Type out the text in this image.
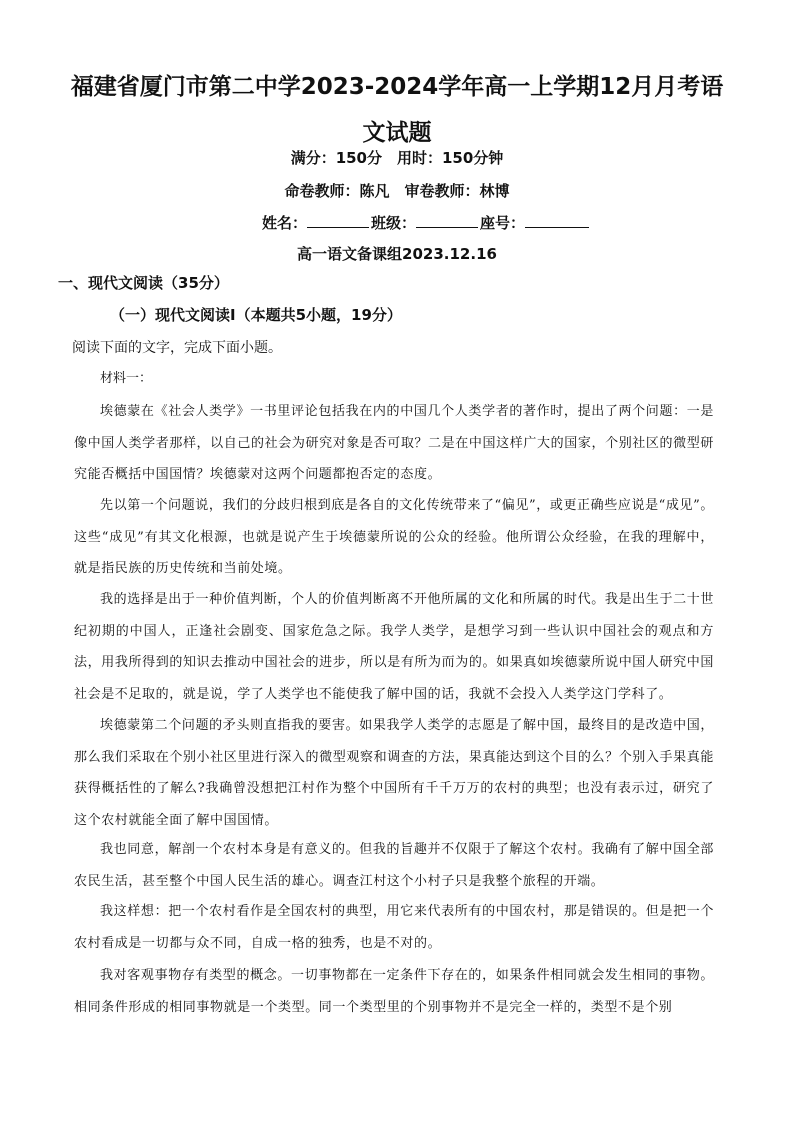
福建省厦门市第二中学2023-2024学年高一上学期12月月考语文试题
满分：150分　用时：150分钟
命卷教师：陈凡　审卷教师：林博
姓名：	班级：	座号：
高一语文备课组2023.12.16
一、现代文阅读（35分）
（一）现代文阅读Ⅰ（本题共5小题，19分）
阅读下面的文字，完成下面小题。
材料一：

埃德蒙在《社会人类学》一书里评论包括我在内的中国几个人类学者的著作时，提出了两个问题：一是像中国人类学者那样，以自己的社会为研究对象是否可取？二是在中国这样广大的国家，个别社区的微型研究能否概括中国国情？埃德蒙对这两个问题都抱否定的态度。

先以第一个问题说，我们的分歧归根到底是各自的文化传统带来了“偏见”，或更正确些应说是“成见”。这些“成见”有其文化根源，也就是说产生于埃德蒙所说的公众的经验。他所谓公众经验，在我的理解中，就是指民族的历史传统和当前处境。

我的选择是出于一种价值判断，个人的价值判断离不开他所属的文化和所属的时代。我是出生于二十世纪初期的中国人，正逢社会剧变、国家危急之际。我学人类学，是想学习到一些认识中国社会的观点和方法，用我所得到的知识去推动中国社会的进步，所以是有所为而为的。如果真如埃德蒙所说中国人研究中国社会是不足取的，就是说，学了人类学也不能使我了解中国的话，我就不会投入人类学这门学科了。

埃德蒙第二个问题的矛头则直指我的要害。如果我学人类学的志愿是了解中国，最终目的是改造中国，那么我们采取在个别小社区里进行深入的微型观察和调查的方法，果真能达到这个目的么？个别入手果真能获得概括性的了解么?我确曾没想把江村作为整个中国所有千千万万的农村的典型；也没有表示过，研究了这个农村就能全面了解中国国情。

我也同意，解剖一个农村本身是有意义的。但我的旨趣并不仅限于了解这个农村。我确有了解中国全部农民生活，甚至整个中国人民生活的雄心。调查江村这个小村子只是我整个旅程的开端。

我这样想：把一个农村看作是全国农村的典型，用它来代表所有的中国农村，那是错误的。但是把一个农村看成是一切都与众不同，自成一格的独秀，也是不对的。

我对客观事物存有类型的概念。一切事物都在一定条件下存在的，如果条件相同就会发生相同的事物。相同条件形成的相同事物就是一个类型。同一个类型里的个别事物并不是完全一样的，类型不是个别
